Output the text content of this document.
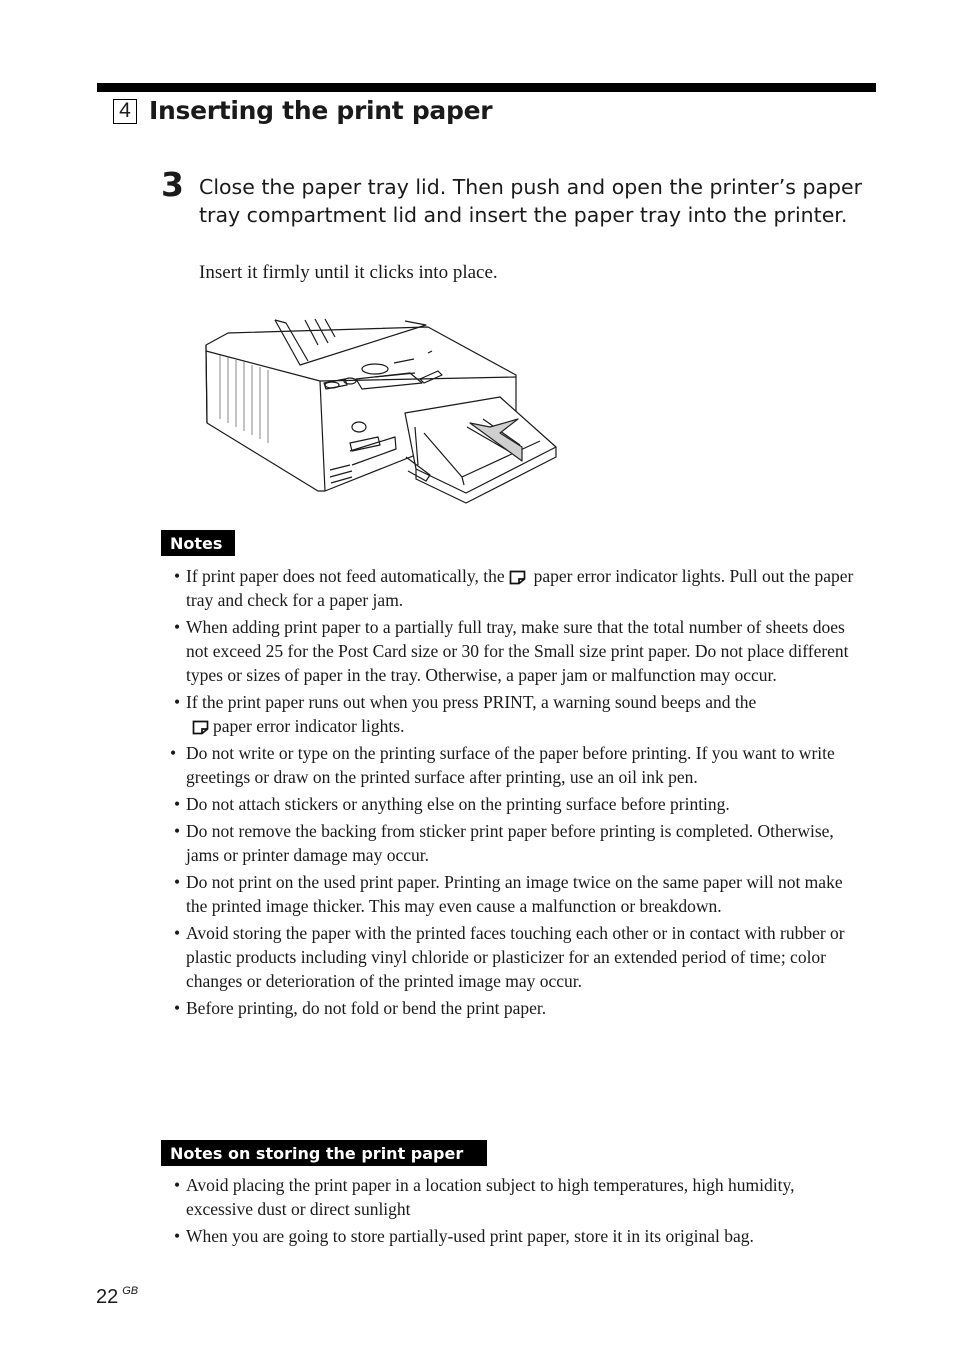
4 Inserting the print paper
3 Close the paper tray lid. Then push and open the printer’s paper tray compartment lid and insert the paper tray into the printer.

Insert it firmly until it clicks into place.

Notes
• If print paper does not feed automatically, the paper error indicator lights. Pull out the paper tray and check for a paper jam.
• When adding print paper to a partially full tray, make sure that the total number of sheets does not exceed 25 for the Post Card size or 30 for the Small size print paper. Do not place different types or sizes of paper in the tray. Otherwise, a paper jam or malfunction may occur.
• If the print paper runs out when you press PRINT, a warning sound beeps and the
paper error indicator lights.
• Do not write or type on the printing surface of the paper before printing. If you want to write greetings or draw on the printed surface after printing, use an oil ink pen.
• Do not attach stickers or anything else on the printing surface before printing.
• Do not remove the backing from sticker print paper before printing is completed. Otherwise, jams or printer damage may occur.
• Do not print on the used print paper. Printing an image twice on the same paper will not make the printed image thicker. This may even cause a malfunction or breakdown.
• Avoid storing the paper with the printed faces touching each other or in contact with rubber or plastic products including vinyl chloride or plasticizer for an extended period of time; color changes or deterioration of the printed image may occur.
• Before printing, do not fold or bend the print paper.
Notes on storing the print paper
• Avoid placing the print paper in a location subject to high temperatures, high humidity, excessive dust or direct sunlight
• When you are going to store partially-used print paper, store it in its original bag.
22 $^{GB}$
